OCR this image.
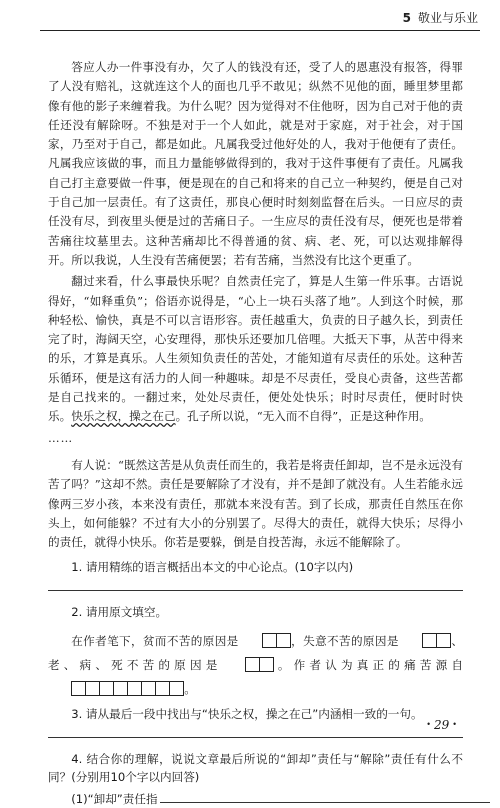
5 敬业与乐业

答应人办一件事没有办，欠了人的钱没有还，受了人的恩惠没有报答，得罪了人没有赔礼，这就连这个人的面也几乎不敢见；纵然不见他的面，睡里梦里都像有他的影子来缠着我。为什么呢？因为觉得对不住他呀，因为自己对于他的责任还没有解除呀。不独是对于一个人如此，就是对于家庭，对于社会，对于国家，乃至对于自己，都是如此。凡属我受过他好处的人，我对于他便有了责任。凡属我应该做的事，而且力量能够做得到的，我对于这件事便有了责任。凡属我自己打主意要做一件事，便是现在的自己和将来的自己立一种契约，便是自己对于自己加一层责任。有了这责任，那良心便时时刻刻监督在后头。一日应尽的责任没有尽，到夜里头便是过的苦痛日子。一生应尽的责任没有尽，便死也是带着苦痛往坟墓里去。这种苦痛却比不得普通的贫、病、老、死，可以达观排解得开。所以我说，人生没有苦痛便罢；若有苦痛，当然没有比这个更重了。

翻过来看，什么事最快乐呢？自然责任完了，算是人生第一件乐事。古语说得好，“如释重负”；俗语亦说得是，“心上一块石头落了地”。人到这个时候，那种轻松、愉快，真是不可以言语形容。责任越重大，负责的日子越久长，到责任完了时，海阔天空，心安理得，那快乐还要加几倍哩。大抵天下事，从苦中得来的乐，才算是真乐。人生须知负责任的苦处，才能知道有尽责任的乐处。这种苦乐循环，便是这有活力的人间一种趣味。却是不尽责任，受良心责备，这些苦都是自己找来的。一翻过来，处处尽责任，便处处快乐；时时尽责任，便时时快乐。快乐之权，操之在己。孔子所以说，“无入而不自得”，正是这种作用。

……

有人说：“既然这苦是从负责任而生的，我若是将责任卸却，岂不是永远没有苦了吗？”这却不然。责任是要解除了才没有，并不是卸了就没有。人生若能永远像两三岁小孩，本来没有责任，那就本来没有苦。到了长成，那责任自然压在你头上，如何能躲？不过有大小的分别罢了。尽得大的责任，就得大快乐；尽得小的责任，就得小快乐。你若是要躲，倒是自投苦海，永远不能解除了。

1. 请用精练的语言概括出本文的中心论点。(10字以内)
2. 请用原文填空。
在作者笔下，贫而不苦的原因是	，失意不苦的原因是	、老、病、死不苦的原因是	。作者认为真正的痛苦源自。
3. 请从最后一段中找出与“快乐之权，操之在己”内涵相一致的一句。
4. 结合你的理解，说说文章最后所说的“卸却”责任与“解除”责任有什么不同？(分别用10个字以内回答)
(1)“卸却”责任指
• 29 •
